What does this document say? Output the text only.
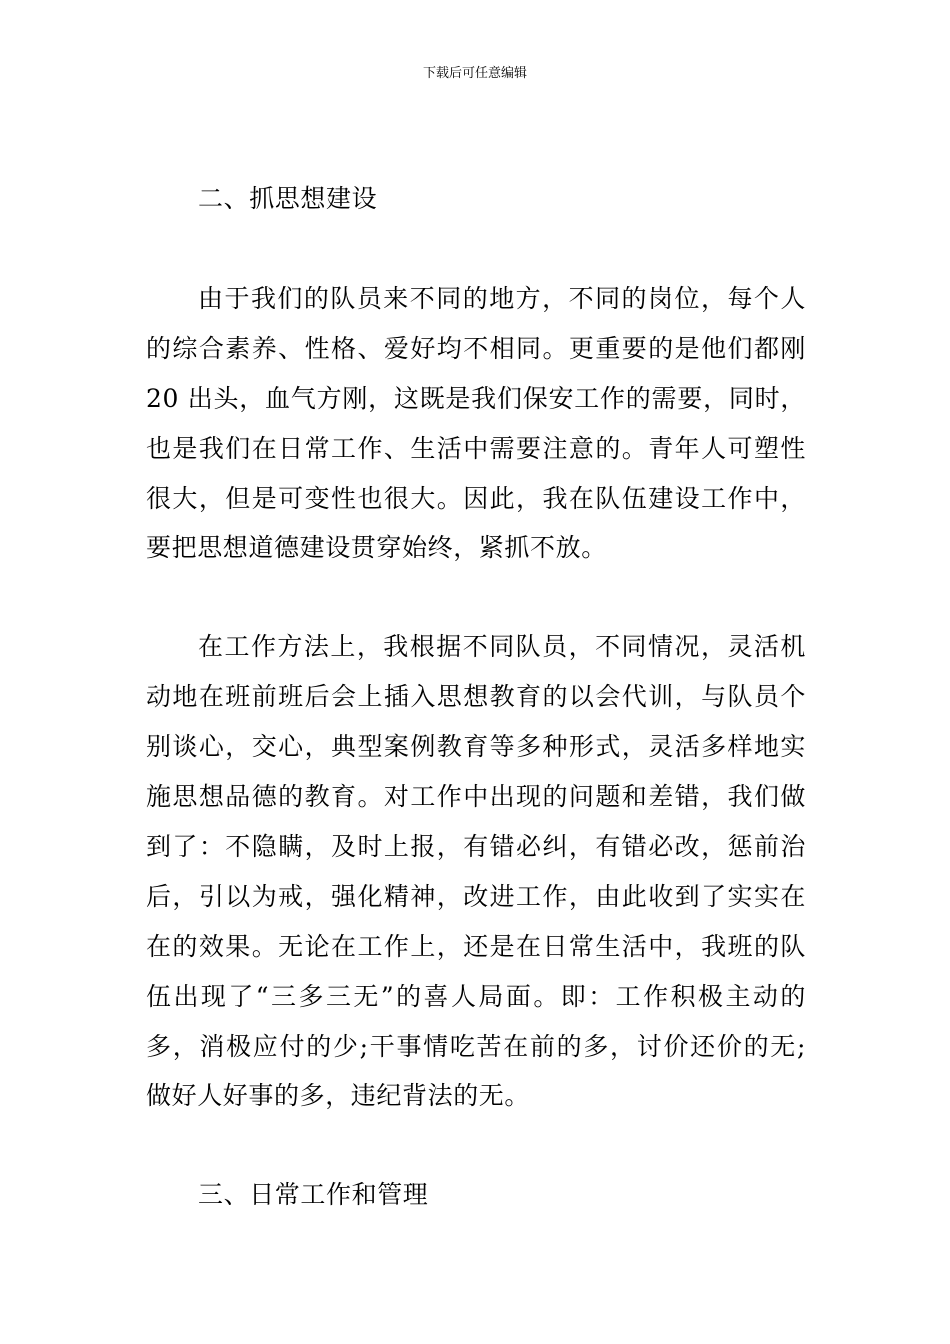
下载后可任意编辑
二、抓思想建设
由于我们的队员来不同的地方，不同的岗位，每个人
的综合素养、性格、爱好均不相同。更重要的是他们都刚
20 出头，血气方刚，这既是我们保安工作的需要，同时，
也是我们在日常工作、生活中需要注意的。青年人可塑性
很大，但是可变性也很大。因此，我在队伍建设工作中，
要把思想道德建设贯穿始终，紧抓不放。
在工作方法上，我根据不同队员，不同情况，灵活机
动地在班前班后会上插入思想教育的以会代训，与队员个
别谈心，交心，典型案例教育等多种形式，灵活多样地实
施思想品德的教育。对工作中出现的问题和差错，我们做
到了：不隐瞒，及时上报，有错必纠，有错必改，惩前治
后，引以为戒，强化精神，改进工作，由此收到了实实在
在的效果。无论在工作上，还是在日常生活中，我班的队
伍出现了“三多三无”的喜人局面。即：工作积极主动的
多，消极应付的少;干事情吃苦在前的多，讨价还价的无;
做好人好事的多，违纪背法的无。
三、日常工作和管理
